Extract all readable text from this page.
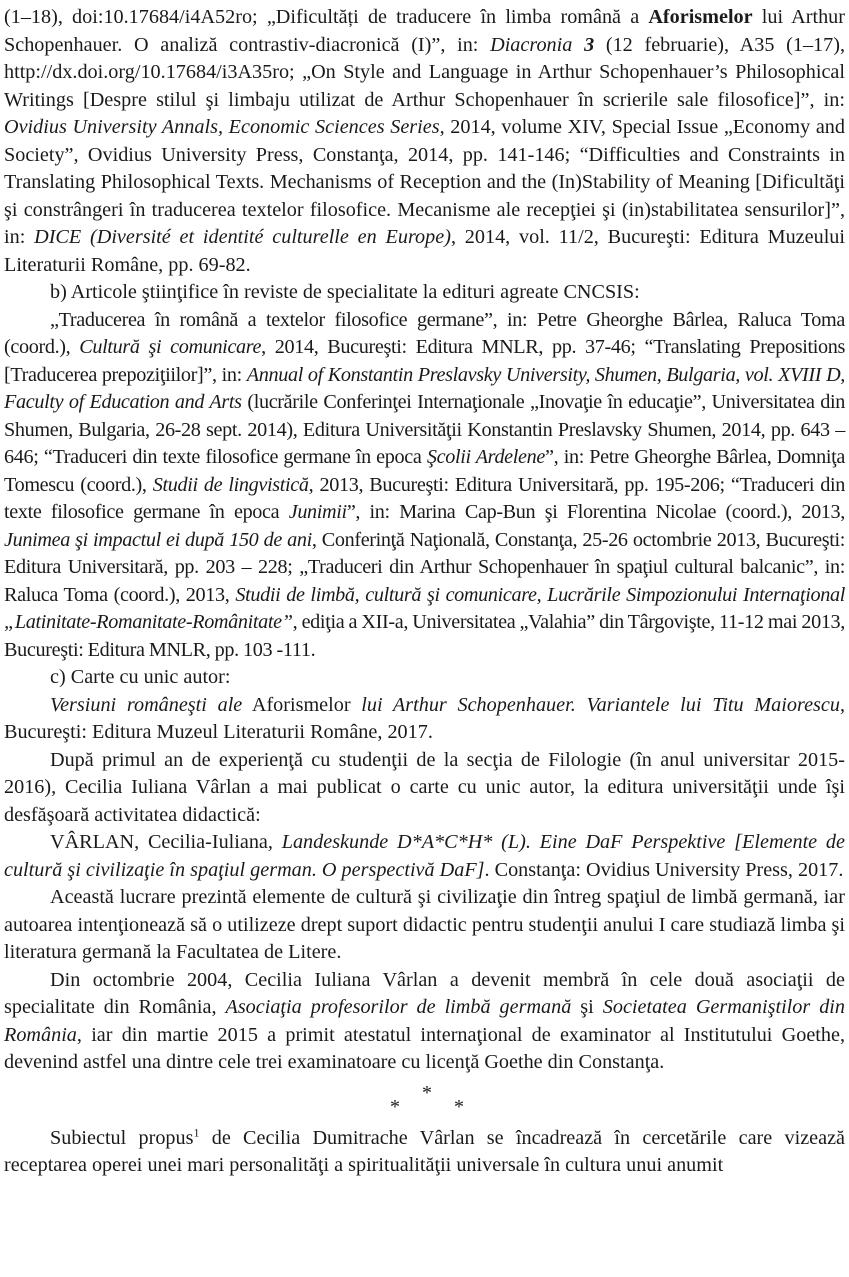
(1–18), doi:10.17684/i4A52ro; „Dificultăți de traducere în limba română a Aforismelor lui Arthur Schopenhauer. O analiză contrastiv-diacronică (I)”, in: Diacronia 3 (12 februarie), A35 (1–17), http://dx.doi.org/10.17684/i3A35ro; „On Style and Language in Arthur Schopenhauer’s Philosophical Writings [Despre stilul şi limbaju utilizat de Arthur Schopenhauer în scrierile sale filosofice]”, in: Ovidius University Annals, Economic Sciences Series, 2014, volume XIV, Special Issue „Economy and Society”, Ovidius University Press, Constanţa, 2014, pp. 141-146; “Difficulties and Constraints in Translating Philosophical Texts. Mechanisms of Reception and the (In)Stability of Meaning [Dificultăţi şi constrângeri în traducerea textelor filosofice. Mecanisme ale recepţiei şi (in)stabilitatea sensurilor]”, in: DICE (Diversité et identité culturelle en Europe), 2014, vol. 11/2, Bucureşti: Editura Muzeului Literaturii Române, pp. 69-82.

b) Articole ştiinţifice în reviste de specialitate la edituri agreate CNCSIS:

„Traducerea în română a textelor filosofice germane”, in: Petre Gheorghe Bârlea, Raluca Toma (coord.), Cultură şi comunicare, 2014, Bucureşti: Editura MNLR, pp. 37-46; “Translating Prepositions [Traducerea prepoziţiilor]”, in: Annual of Konstantin Preslavsky University, Shumen, Bulgaria, vol. XVIII D, Faculty of Education and Arts (lucrările Conferinţei Internaţionale „Inovaţie în educaţie”, Universitatea din Shumen, Bulgaria, 26-28 sept. 2014), Editura Universităţii Konstantin Preslavsky Shumen, 2014, pp. 643 – 646; “Traduceri din texte filosofice germane în epoca Şcolii Ardelene”, in: Petre Gheorghe Bârlea, Domniţa Tomescu (coord.), Studii de lingvistică, 2013, Bucureşti: Editura Universitară, pp. 195-206; “Traduceri din texte filosofice germane în epoca Junimii”, in: Marina Cap-Bun şi Florentina Nicolae (coord.), 2013, Junimea şi impactul ei după 150 de ani, Conferinţă Naţională, Constanţa, 25-26 octombrie 2013, Bucureşti: Editura Universitară, pp. 203 – 228; „Traduceri din Arthur Schopenhauer în spaţiul cultural balcanic”, in: Raluca Toma (coord.), 2013, Studii de limbă, cultură şi comunicare, Lucrările Simpozionului Internaţional „Latinitate-Romanitate-Românitate”, ediţia a XII-a, Universitatea „Valahia” din Târgovişte, 11-12 mai 2013, Bucureşti: Editura MNLR, pp. 103 -111.

c) Carte cu unic autor:

Versiuni româneşti ale Aforismelor lui Arthur Schopenhauer. Variantele lui Titu Maiorescu, Bucureşti: Editura Muzeul Literaturii Române, 2017.

După primul an de experienţă cu studenţii de la secţia de Filologie (în anul universitar 2015-2016), Cecilia Iuliana Vârlan a mai publicat o carte cu unic autor, la editura universităţii unde îşi desfăşoară activitatea didactică:

VÂRLAN, Cecilia-Iuliana, Landeskunde D*A*C*H* (L). Eine DaF Perspektive [Elemente de cultură şi civilizaţie în spaţiul german. O perspectivă DaF]. Constanţa: Ovidius University Press, 2017.

Această lucrare prezintă elemente de cultură şi civilizaţie din întreg spaţiul de limbă germană, iar autoarea intenţionează să o utilizeze drept suport didactic pentru studenţii anului I care studiază limba şi literatura germană la Facultatea de Litere.

Din octombrie 2004, Cecilia Iuliana Vârlan a devenit membră în cele două asociaţii de specialitate din România, Asociaţia profesorilor de limbă germană şi Societatea Germaniştilor din România, iar din martie 2015 a primit atestatul internaţional de examinator al Institutului Goethe, devenind astfel una dintre cele trei examinatoare cu licenţă Goethe din Constanţa.

*
*	*

Subiectul propus$^1$ de Cecilia Dumitrache Vârlan se încadrează în cercetările care vizează receptarea operei unei mari personalităţi a spiritualităţii universale în cultura unui anumit
